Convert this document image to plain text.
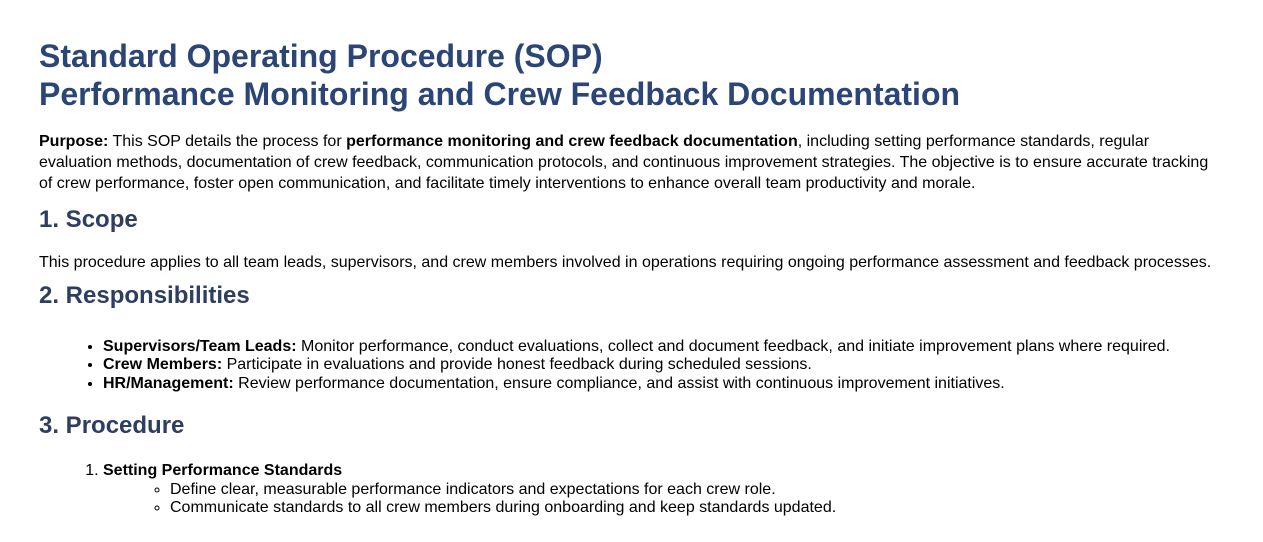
Standard Operating Procedure (SOP)
Performance Monitoring and Crew Feedback Documentation

Purpose: This SOP details the process for performance monitoring and crew feedback documentation, including setting performance standards, regular evaluation methods, documentation of crew feedback, communication protocols, and continuous improvement strategies. The objective is to ensure accurate tracking of crew performance, foster open communication, and facilitate timely interventions to enhance overall team productivity and morale.

1. Scope

This procedure applies to all team leads, supervisors, and crew members involved in operations requiring ongoing performance assessment and feedback processes.

2. Responsibilities
• Supervisors/Team Leads: Monitor performance, conduct evaluations, collect and document feedback, and initiate improvement plans where required.
• Crew Members: Participate in evaluations and provide honest feedback during scheduled sessions.
• HR/Management: Review performance documentation, ensure compliance, and assist with continuous improvement initiatives.
3. Procedure
1. Setting Performance Standards
◦ Define clear, measurable performance indicators and expectations for each crew role.
◦ Communicate standards to all crew members during onboarding and keep standards updated.
